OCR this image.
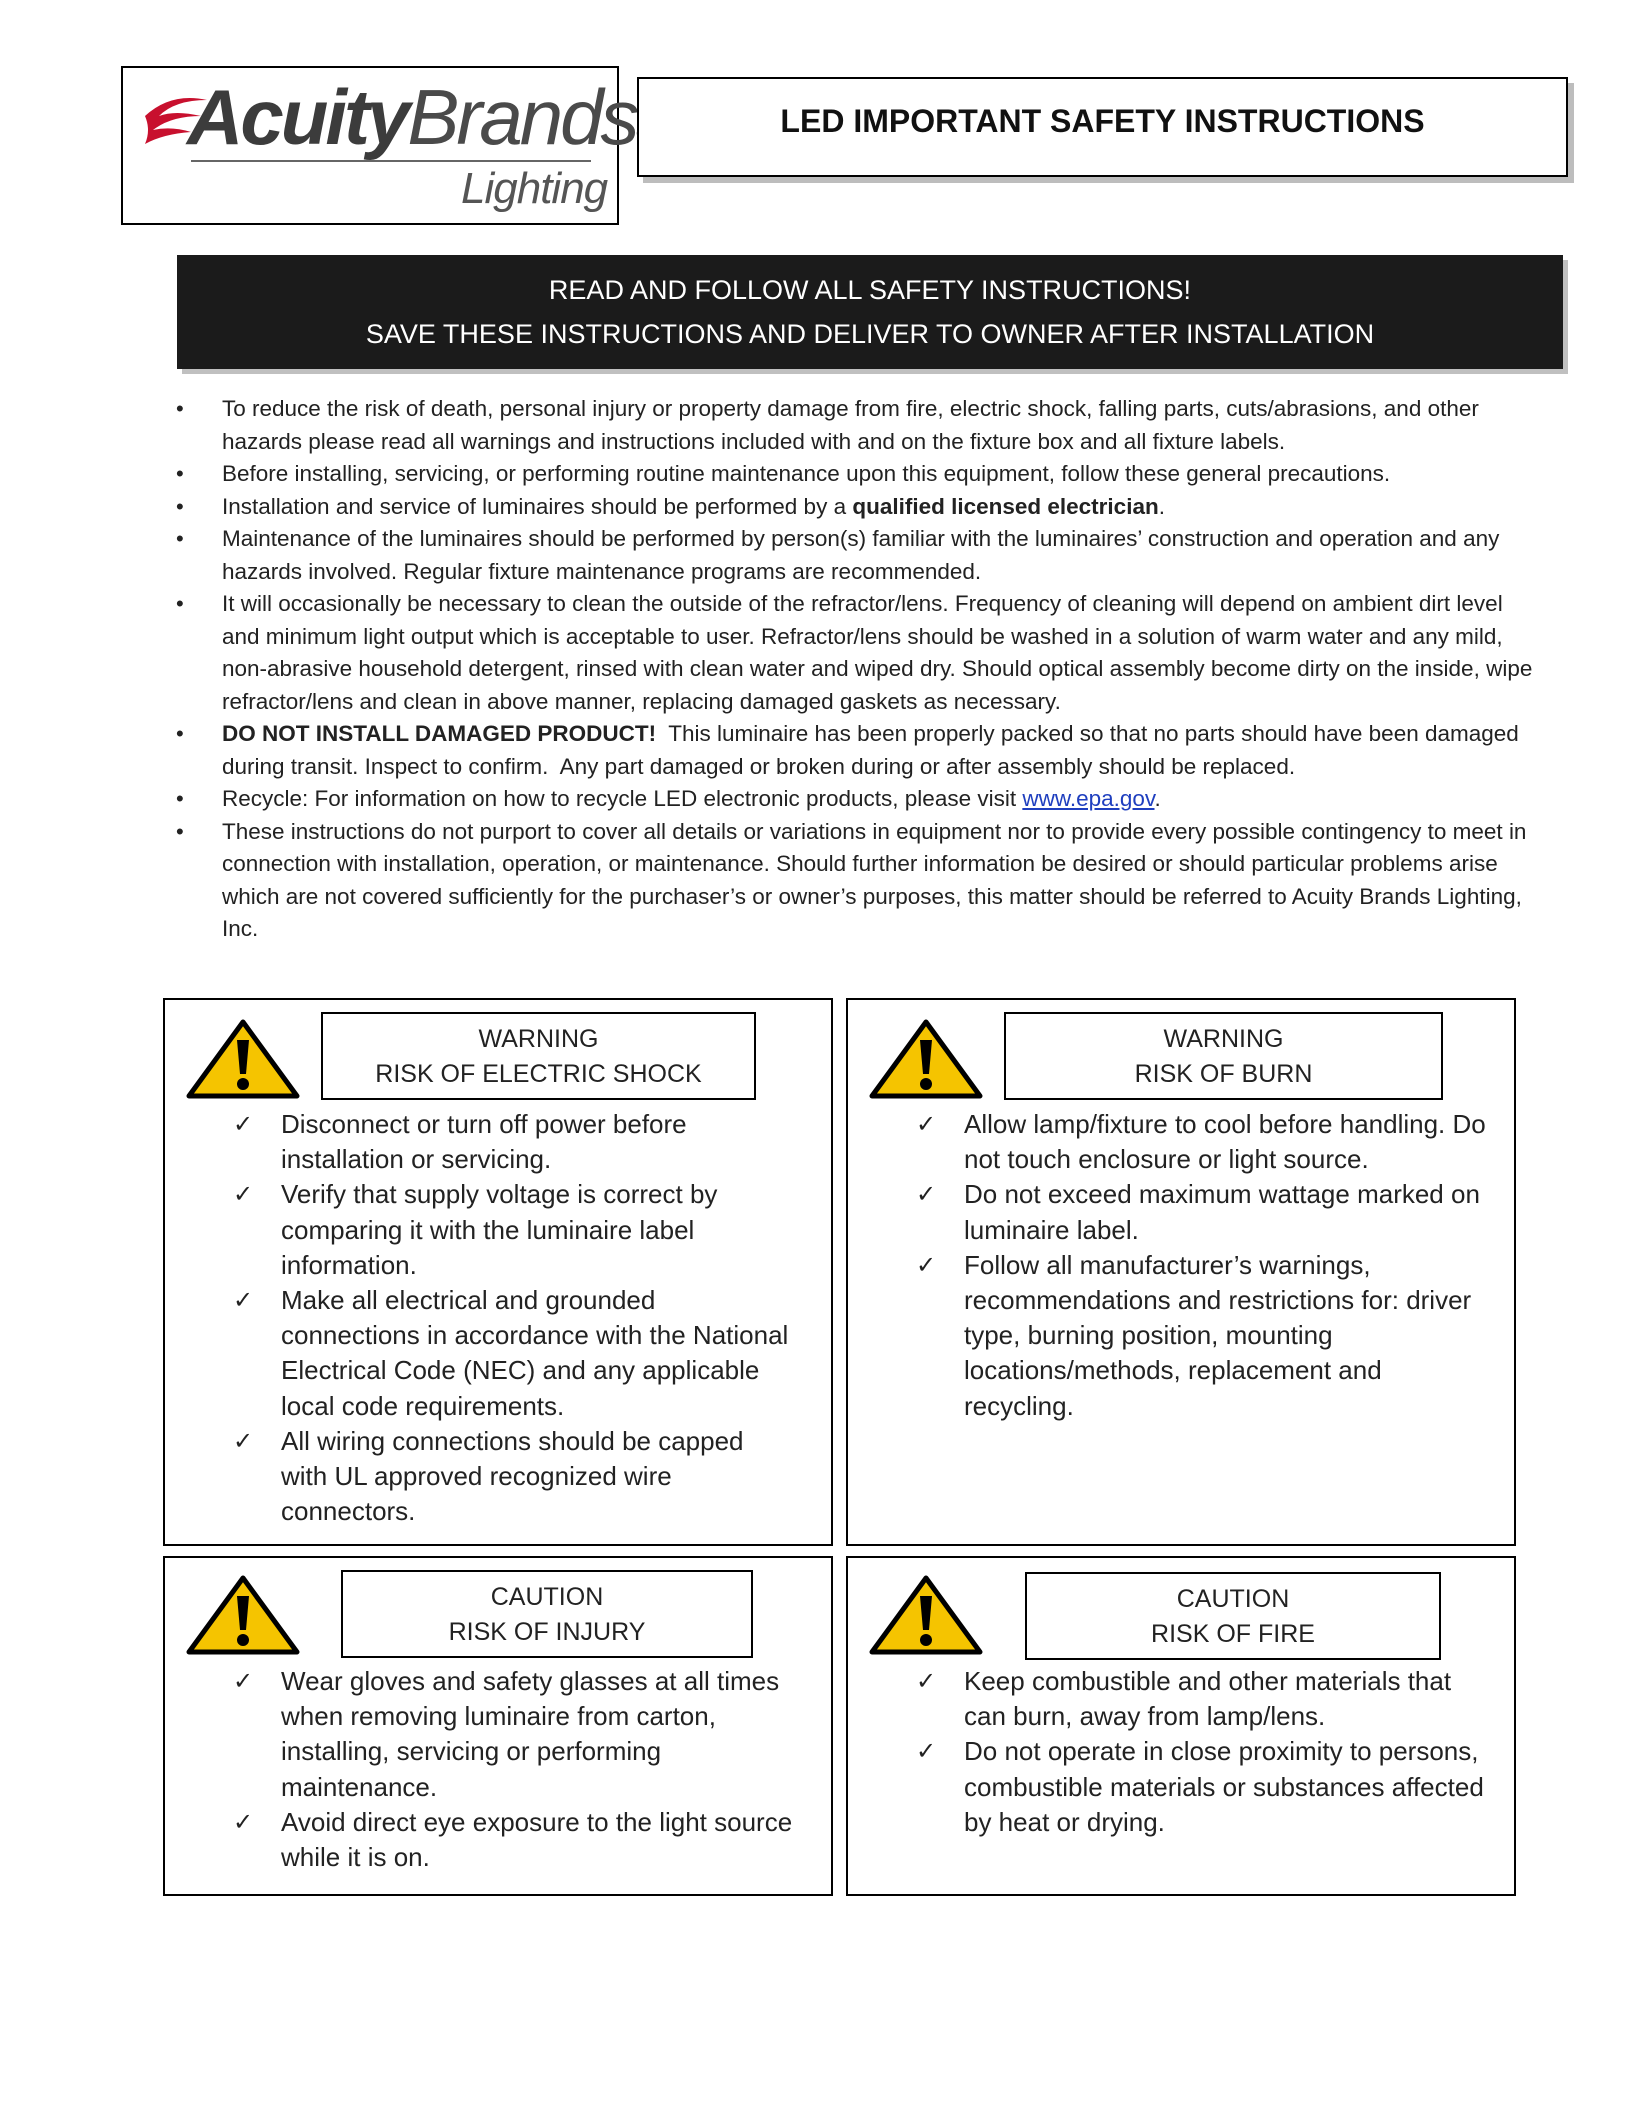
AcuityBrands
Lighting
LED IMPORTANT SAFETY INSTRUCTIONS
READ AND FOLLOW ALL SAFETY INSTRUCTIONS!
SAVE THESE INSTRUCTIONS AND DELIVER TO OWNER AFTER INSTALLATION
• To reduce the risk of death, personal injury or property damage from fire, electric shock, falling parts, cuts/abrasions, and other hazards please read all warnings and instructions included with and on the fixture box and all fixture labels.
• Before installing, servicing, or performing routine maintenance upon this equipment, follow these general precautions.
• Installation and service of luminaires should be performed by a qualified licensed electrician.
• Maintenance of the luminaires should be performed by person(s) familiar with the luminaires’ construction and operation and any hazards involved. Regular fixture maintenance programs are recommended.
• It will occasionally be necessary to clean the outside of the refractor/lens. Frequency of cleaning will depend on ambient dirt level and minimum light output which is acceptable to user. Refractor/lens should be washed in a solution of warm water and any mild, non-abrasive household detergent, rinsed with clean water and wiped dry. Should optical assembly become dirty on the inside, wipe refractor/lens and clean in above manner, replacing damaged gaskets as necessary.
• DO NOT INSTALL DAMAGED PRODUCT!  This luminaire has been properly packed so that no parts should have been damaged during transit. Inspect to confirm.  Any part damaged or broken during or after assembly should be replaced.
• Recycle: For information on how to recycle LED electronic products, please visit www.epa.gov.
• These instructions do not purport to cover all details or variations in equipment nor to provide every possible contingency to meet in connection with installation, operation, or maintenance. Should further information be desired or should particular problems arise which are not covered sufficiently for the purchaser’s or owner’s purposes, this matter should be referred to Acuity Brands Lighting, Inc.
WARNING
RISK OF ELECTRIC SHOCK
✓ Disconnect or turn off power before installation or servicing.
✓ Verify that supply voltage is correct by comparing it with the luminaire label information.
✓ Make all electrical and grounded connections in accordance with the National Electrical Code (NEC) and any applicable local code requirements.
✓ All wiring connections should be capped with UL approved recognized wire connectors.
WARNING
RISK OF BURN
✓ Allow lamp/fixture to cool before handling. Do not touch enclosure or light source.
✓ Do not exceed maximum wattage marked on luminaire label.
✓ Follow all manufacturer’s warnings, recommendations and restrictions for: driver type, burning position, mounting locations/methods, replacement and recycling.
CAUTION
RISK OF INJURY
✓ Wear gloves and safety glasses at all times when removing luminaire from carton, installing, servicing or performing maintenance.
✓ Avoid direct eye exposure to the light source while it is on.
CAUTION
RISK OF FIRE
✓ Keep combustible and other materials that can burn, away from lamp/lens.
✓ Do not operate in close proximity to persons, combustible materials or substances affected by heat or drying.
